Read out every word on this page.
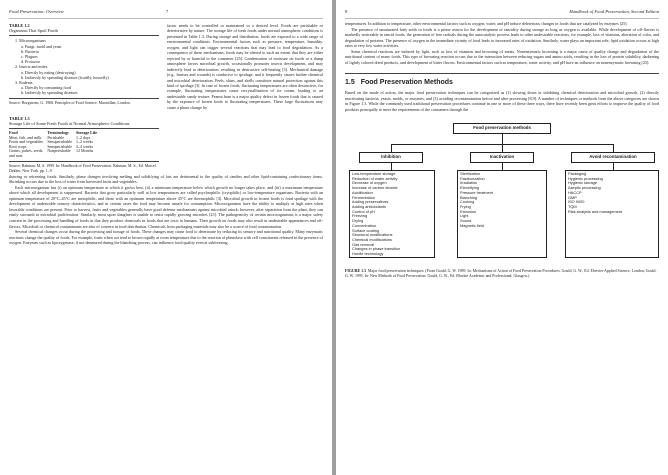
Food Preservation: Overview	7
TABLE 1.2
Organisms That Spoil Foods
1. Microorganisms
a. Fungi: mold and yeast
b. Bacteria
c. Plagues
d. Protozoa
2. Insects and mites
a. Directly by eating (destroying)
b. Indirectly by spreading diseases (fruitfly, housefly)
3. Rodents
a. Directly by consuming food
b. Indirectly by spreading diseases
Source: Borgstrom, G. 1968. Principles of Food Science. Macmillan, London.
TABLE 1.3
Storage Life of Some Fresh Foods at Normal Atmospheric Conditions
Food	Terminology	Storage Life
Meat, fish, and milk	Perishable	1–2 days
Fruits and vegetables	Semiperishable	1–2 weeks
Root crops	Semiperishable	3–4 weeks
Grains, pulses, seeds,	Nonperishable	12 Months
and nuts		
Source: Rahman, M. S. 1999. In: Handbook of Food Preservation. Rahman, M. S., Ed. Marcel Dekker, New York. pp. 1–9.
factor needs to be controlled or maintained to a desired level. Foods are perishable or deteriorative by nature. The storage life of fresh foods under normal atmospheric conditions is presented in Table 1.3. During storage and distribution, foods are exposed to a wide range of environmental conditions. Environmental factors such as pressure, temperature, humidity, oxygen, and light can trigger several reactions that may lead to food degradation. As a consequence of these mechanisms, foods may be altered to such an extent that they are either rejected by or harmful to the consumer [25]. Condensation of moisture on foods or a damp atmosphere favors microbial growth, occasionally promotes insects development, and may indirectly lead to deterioration, resulting in destructive self-heating [3]. Mechanical damage (e.g., bruises and wounds) is conducive to spoilage, and it frequently causes further chemical and microbial deterioration. Peels, skins, and shells constitute natural protection against this kind of spoilage [3]. In case of frozen foods, fluctuating temperatures are often destructive, for example, fluctuating temperatures cause recrystallization of ice cream, leading to an undesirable sandy texture. Peanut bran is a major quality defect in frozen foods that is caused by the exposure of frozen foods to fluctuating temperatures. These large fluctuations may cause a phase change by

thawing or refreezing foods. Similarly, phase changes involving melting and solidifying of fats are detrimental to the quality of candies and other lipid-containing confectionary items. Shrinking occurs due to the loss of water from harvested fruits and vegetables.

Each microorganism has (i) an optimum temperature at which it grows best, (ii) a minimum temperature below which growth no longer takes place, and (iii) a maximum temperature above which all development is suppressed. Bacteria that grow particularly well at low temperatures are called psychrophilic (cryophilic) or low-temperature organisms. Bacteria with an optimum temperature of 20°C–45°C are mesophilic, and those with an optimum temperature above 45°C are thermophilic [3]. Microbial growth in frozen foods is fond spoilage with the development of undesirable sensory characteristics, and in certain cases the food may become unsafe for consumption. Microorganisms have the ability to multiply at high rates when favorable conditions are present. Prior to harvest, fruits and vegetables generally have good defense mechanisms against microbial attack; however, after separation from the plant, they can easily succumb to microbial proliferation. Similarly, meat upon slaughter is unable to resist rapidly growing microbes [25]. The pathogenicity of certain microorganisms is a major safety concern in the processing and handling of foods in that they produce chemicals in foods that are toxic to humans. Their growth on foods may also result in undesirable appearances and off-flavors. Microbial or chemical contaminants are also of concern in food distribution. Chemicals from packaging materials may also be a source of food contamination.

Several chemical changes occur during the processing and storage of foods. These changes may cause food to deteriorate by reducing its sensory and nutritional quality. Many enzymatic reactions change the quality of foods. For example, fruits when cut tend to brown rapidly at room temperature due to the reaction of phenolase with cell constituents released in the presence of oxygen. Enzymes such as lipoxygenase, if not denatured during the blanching process, can influence food quality even at subfreezing

8	Handbook of Food Preservation, Second Edition

temperatures. In addition to temperature, other environmental factors such as oxygen, water, and pH induce deleterious changes in foods that are catalyzed by enzymes [25].

The presence of unsaturated fatty acids in foods is a prime reason for the development of rancidity during storage as long as oxygen is available. While development of off-flavors is markedly noticeable in rancid foods, the generation of free radicals during the autocatalytic process leads to other undesirable reactions, for example, loss of vitamins, alteration of color, and degradation of proteins. The presence of oxygen in the immediate vicinity of food leads to increased rates of oxidation. Similarly, water plays an important role; lipid oxidation occurs at high rates at very low water activities.

Some chemical reactions are induced by light, such as loss of vitamins and browning of meats. Nonenzymatic browning is a major cause of quality change and degradation of the nutritional content of many foods. This type of browning reaction occurs due to the interaction between reducing sugars and amino acids, resulting in the loss of protein solubility, darkening of lightly colored dried products, and development of bitter flavors. Environmental factors such as temperature, water activity, and pH have an influence on nonenzymatic browning [25].

1.5 Food Preservation Methods

Based on the mode of action, the major food preservation techniques can be categorized as (1) slowing down or inhibiting chemical deterioration and microbial growth, (2) directly inactivating bacteria, yeasts, molds, or enzymes, and (3) avoiding recontamination before and after processing [8,9]. A number of techniques or methods from the above categories are shown in Figure 1.3. While the commonly used traditional preservation procedures continue in one or more of these three ways, there have recently been great efforts to improve the quality of food products principally to meet the requirements of the consumers through the

Food preservation methods
Inhibition	Inactivation	Avoid recontamination
Low-temperature storage
Reduction of water activity
Decrease of oxygen
Increase of carbon dioxide
Acidification
Fermentation
Adding preservatives
Adding antioxidants
Control of pH
Freezing
Drying
Concentration
Surface coating
Structural modifications
Chemical modifications
Gas removal
Changes in phase transition
Hurdle technology
Sterilization
Pasteurization
Irradiation
Electrifying
Pressure treatment
Blanching
Cooking
Frying
Extrusion
Light
Sound
Magnetic field
Packaging
Hygienic processing
Hygienic storage
Aseptic processing
HACCP
GMP
ISO 9000
TQM
Risk analysis and management
FIGURE 1.3 Major food preservation techniques. (From Gould, G. W. 1989. In: Mechanisms of Action of Food Preservation Procedures. Gould, G. W., Ed. Elsevier Applied Science, London; Gould, G. W. 1995. In: New Methods of Food Preservation. Gould, G. W., Ed. Blackie Academic and Professional, Glasgow.)
